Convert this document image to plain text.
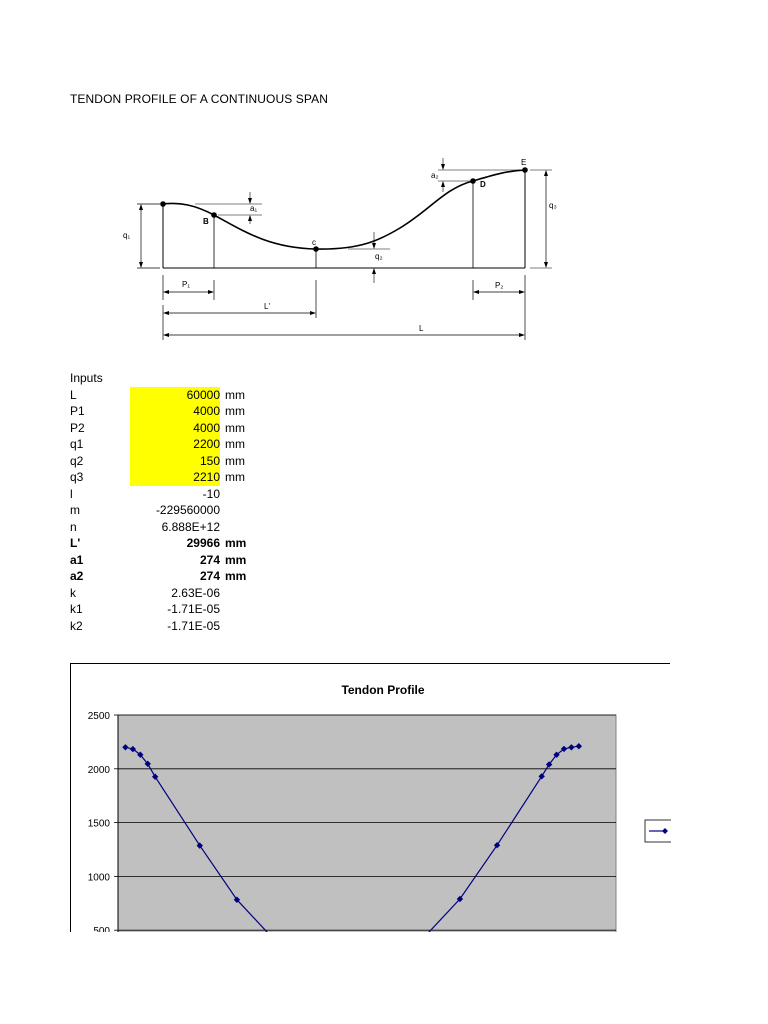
TENDON PROFILE OF A CONTINUOUS SPAN
q₁
a₁
B
c
q₂
a₂
D
E
q₃
P₁
L'
P₂
L
Inputs
L	60000 mm
P1	4000 mm
P2	4000 mm
q1	2200 mm
q2	150 mm
q3	2210 mm
l	-10
m	-229560000
n	6.888E+12
L'	29966 mm
a1	274 mm
a2	274 mm
k	2.63E-06
k1	-1.71E-05
k2	-1.71E-05
2500
2000
1500
1000
Tendon Profile
